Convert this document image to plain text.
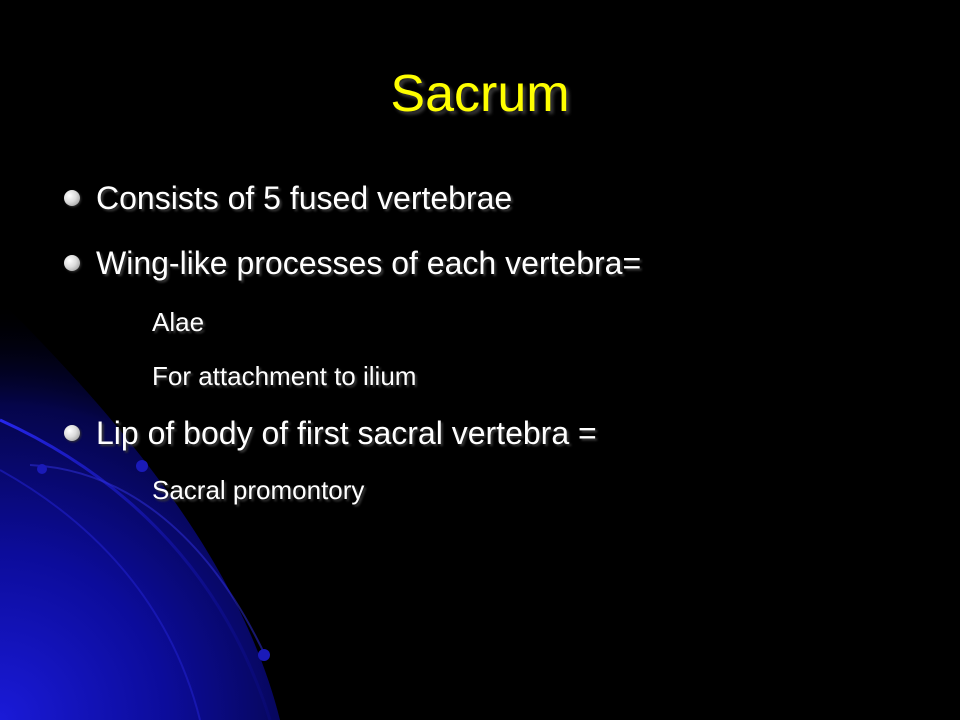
Sacrum
Consists of 5 fused vertebrae
Wing-like processes of each vertebra=
Alae
For attachment to ilium
Lip of body of first sacral vertebra =
Sacral promontory
